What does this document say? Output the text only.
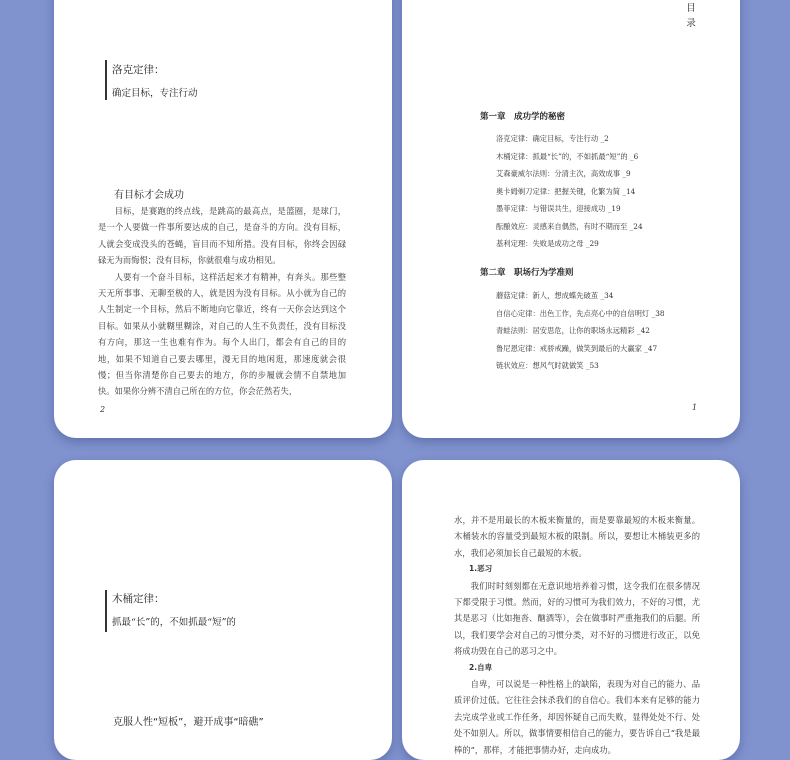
洛克定律：
确定目标，专注行动
有目标才会成功

目标，是赛跑的终点线，是跳高的最高点，是篮圈，是球门，是一个人要做一件事所要达成的自己，是奋斗的方向。没有目标，人就会变成没头的苍蝇，盲目而不知所措。没有目标，你终会因碌碌无为而悔恨；没有目标，你就很难与成功相见。

人要有一个奋斗目标，这样活起来才有精神，有奔头。那些整天无所事事、无聊至极的人，就是因为没有目标。从小就为自己的人生制定一个目标，然后不断地向它靠近，终有一天你会达到这个目标。如果从小就糊里糊涂，对自己的人生不负责任，没有目标没有方向，那这一生也难有作为。每个人出门，都会有自己的目的地，如果不知道自己要去哪里，漫无目的地闲逛，那速度就会很慢；但当你清楚你自己要去的地方，你的步履就会情不自禁地加快。如果你分辨不清自己所在的方位，你会茫然若失，

2
目
录
第一章　成功学的秘密
洛克定律：确定目标，专注行动 _2
木桶定律：抓最“长”的，不如抓最“短”的 _6
艾森豪威尔法则：分清主次，高效成事 _9
奥卡姆剃刀定律：把握关键，化繁为简 _14
墨菲定律：与错误共生，迎接成功 _19
酝酿效应：灵感来自偶然，有时不期而至 _24
基利定理：失败是成功之母 _29
第二章　职场行为学准则
蘑菇定律：新人，想成蝶先破茧 _34
自信心定律：出色工作，先点亮心中的自信明灯 _38
青蛙法则：居安思危，让你的职场永远精彩 _42
鲁尼恩定律：戒骄戒躁，做笑到最后的大赢家 _47
链状效应：想风气时就做笑 _53
1
木桶定律：
抓最“长”的，不如抓最“短”的
克服人性“短板”，避开成事“暗礁”

水，并不是用最长的木板来衡量的，而是要靠最短的木板来衡量。木桶装水的容量受到最短木板的限制。所以，要想让木桶装更多的水，我们必须加长自己最短的木板。

1.恶习

我们时时刻刻都在无意识地培养着习惯，这令我们在很多情况下都受限于习惯。然而，好的习惯可为我们效力，不好的习惯，尤其是恶习（比如拖沓、酗酒等），会在做事时严重拖我们的后腿。所以，我们要学会对自己的习惯分类，对不好的习惯进行改正，以免将成功毁在自己的恶习之中。

2.自卑

自卑，可以说是一种性格上的缺陷，表现为对自己的能力、品质评价过低。它往往会抹杀我们的自信心。我们本来有足够的能力去完成学业或工作任务，却因怀疑自己而失败，显得处处不行、处处不如别人。所以，做事情要相信自己的能力，要告诉自己“我是最棒的”，那样，才能把事情办好，走向成功。
